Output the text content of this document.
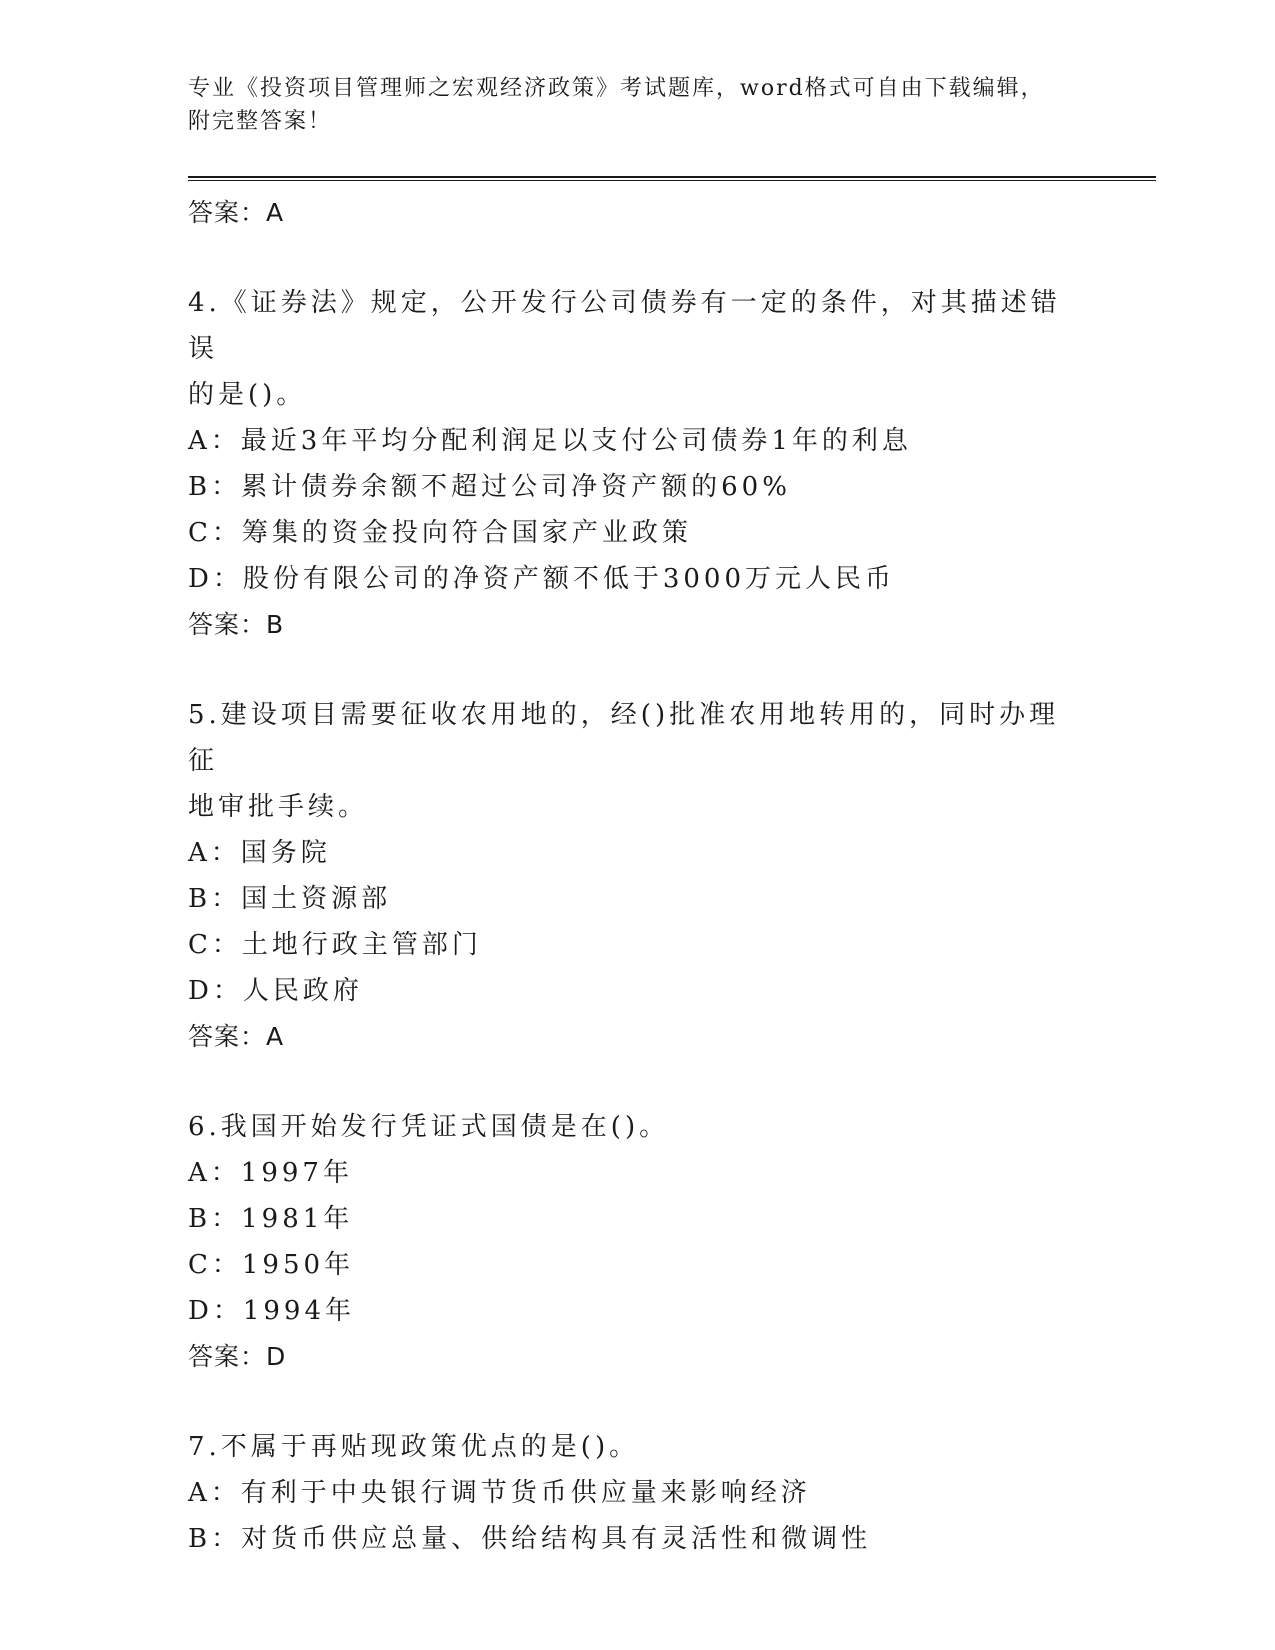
专业《投资项目管理师之宏观经济政策》考试题库，word格式可自由下载编辑，
附完整答案！
答案：A
4.《证券法》规定，公开发行公司债券有一定的条件，对其描述错误
的是()。
A：最近3年平均分配利润足以支付公司债券1年的利息
B：累计债券余额不超过公司净资产额的60%
C：筹集的资金投向符合国家产业政策
D：股份有限公司的净资产额不低于3000万元人民币
答案：B
5.建设项目需要征收农用地的，经()批准农用地转用的，同时办理征
地审批手续。
A：国务院
B：国土资源部
C：土地行政主管部门
D：人民政府
答案：A
6.我国开始发行凭证式国债是在()。
A：1997年
B：1981年
C：1950年
D：1994年
答案：D
7.不属于再贴现政策优点的是()。
A：有利于中央银行调节货币供应量来影响经济
B：对货币供应总量、供给结构具有灵活性和微调性
